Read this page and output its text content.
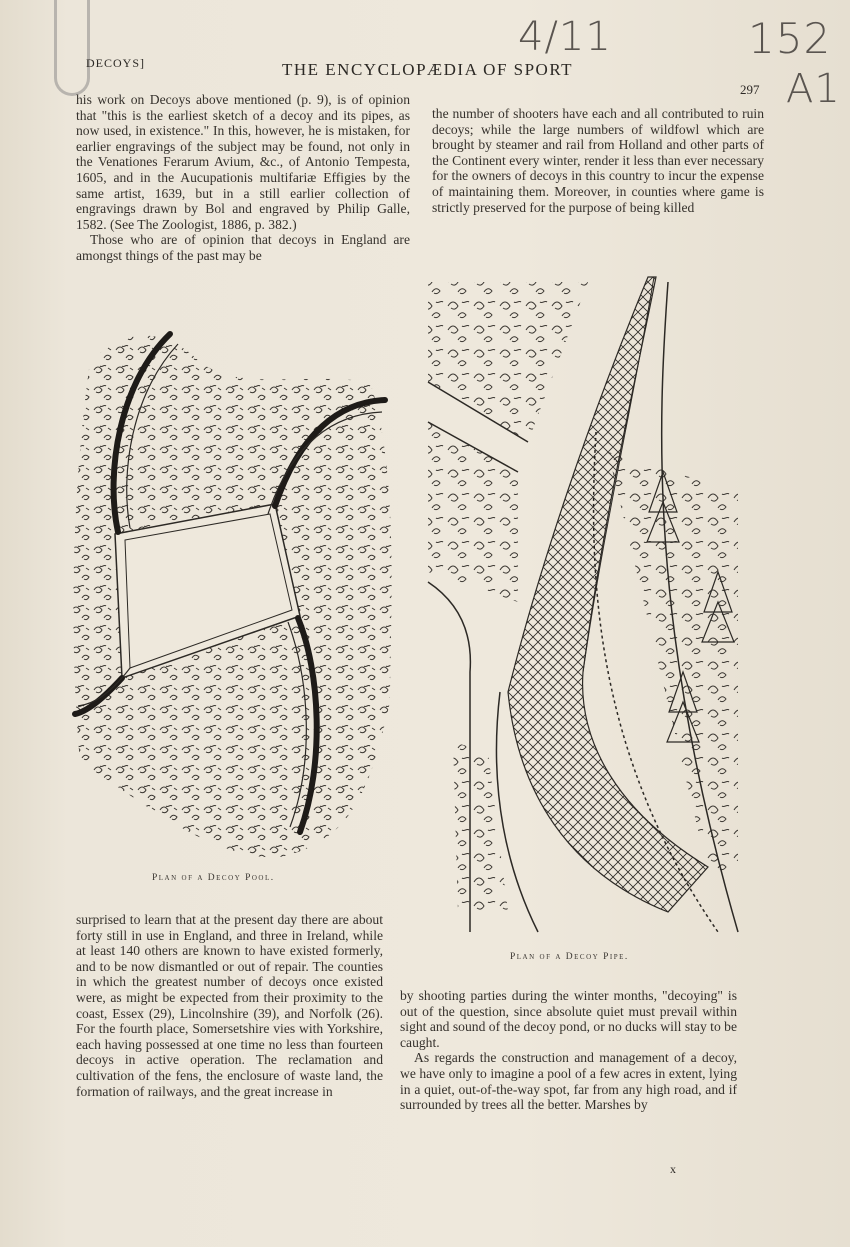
4/11	152
A1
DECOYS]	THE ENCYCLOPÆDIA OF SPORT
297

his work on Decoys above mentioned (p. 9), is of opinion that "this is the earliest sketch of a decoy and its pipes, as now used, in existence." In this, however, he is mistaken, for earlier engravings of the subject may be found, not only in the Venationes Ferarum Avium, &c., of Antonio Tempesta, 1605, and in the Aucupationis multifariæ Effigies by the same artist, 1639, but in a still earlier collection of engravings drawn by Bol and engraved by Philip Galle, 1582. (See The Zoologist, 1886, p. 382.)

Those who are of opinion that decoys in England are amongst things of the past may be

the number of shooters have each and all contributed to ruin decoys; while the large numbers of wildfowl which are brought by steamer and rail from Holland and other parts of the Continent every winter, render it less than ever necessary for the owners of decoys in this country to incur the expense of maintaining them. Moreover, in counties where game is strictly preserved for the purpose of being killed

Plan of a Decoy Pool.
Plan of a Decoy Pipe.

surprised to learn that at the present day there are about forty still in use in England, and three in Ireland, while at least 140 others are known to have existed formerly, and to be now dismantled or out of repair. The counties in which the greatest number of decoys once existed were, as might be expected from their proximity to the coast, Essex (29), Lincolnshire (39), and Norfolk (26). For the fourth place, Somersetshire vies with Yorkshire, each having possessed at one time no less than fourteen decoys in active operation. The reclamation and cultivation of the fens, the enclosure of waste land, the formation of railways, and the great increase in

by shooting parties during the winter months, "decoying" is out of the question, since absolute quiet must prevail within sight and sound of the decoy pond, or no ducks will stay to be caught.

As regards the construction and management of a decoy, we have only to imagine a pool of a few acres in extent, lying in a quiet, out-of-the-way spot, far from any high road, and if surrounded by trees all the better. Marshes by

x
